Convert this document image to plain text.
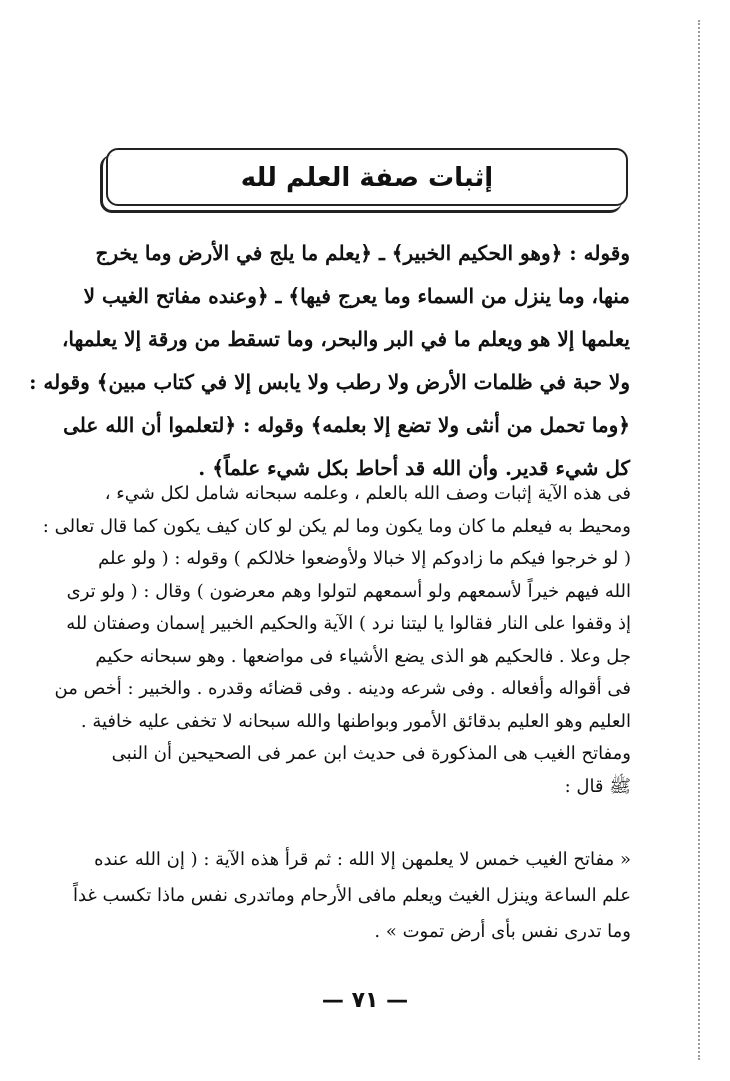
إثبات صفة العلم لله
وقوله : ﴿وهو الحكيم الخبير﴾ ـ ﴿يعلم ما يلج في الأرض وما يخرج
منها، وما ينزل من السماء وما يعرج فيها﴾ ـ ﴿وعنده مفاتح الغيب لا
يعلمها إلا هو ويعلم ما في البر والبحر، وما تسقط من ورقة إلا يعلمها،
ولا حبة في ظلمات الأرض ولا رطب ولا يابس إلا في كتاب مبين﴾ وقوله :
﴿وما تحمل من أنثى ولا تضع إلا بعلمه﴾ وقوله : ﴿لتعلموا أن الله على
كل شيء قدير. وأن الله قد أحاط بكل شيء علماً﴾ .
فى هذه الآية إثبات وصف الله بالعلم ، وعلمه سبحانه شامل لكل شيء ،
ومحيط به فيعلم ما كان وما يكون وما لم يكن لو كان كيف يكون كما قال تعالى :
( لو خرجوا فيكم ما زادوكم إلا خبالا ولأوضعوا خلالكم ) وقوله : ( ولو علم
الله فيهم خيراً لأسمعهم ولو أسمعهم لتولوا وهم معرضون ) وقال : ( ولو ترى
إذ وقفوا على النار فقالوا يا ليتنا نرد ) الآية والحكيم الخبير إسمان وصفتان لله
جل وعلا . فالحكيم هو الذى يضع الأشياء فى مواضعها . وهو سبحانه حكيم
فى أقواله وأفعاله . وفى شرعه ودينه . وفى قضائه وقدره . والخبير : أخص من
العليم وهو العليم بدقائق الأمور وبواطنها والله سبحانه لا تخفى عليه خافية .
ومفاتح الغيب هى المذكورة فى حديث ابن عمر فى الصحيحين أن النبى
ﷺ قال :
« مفاتح الغيب خمس لا يعلمهن إلا الله : ثم قرأ هذه الآية : ( إن الله عنده
علم الساعة وينزل الغيث ويعلم مافى الأرحام وماتدرى نفس ماذا تكسب غداً
وما تدرى نفس بأى أرض تموت » .
— ٧١ —
